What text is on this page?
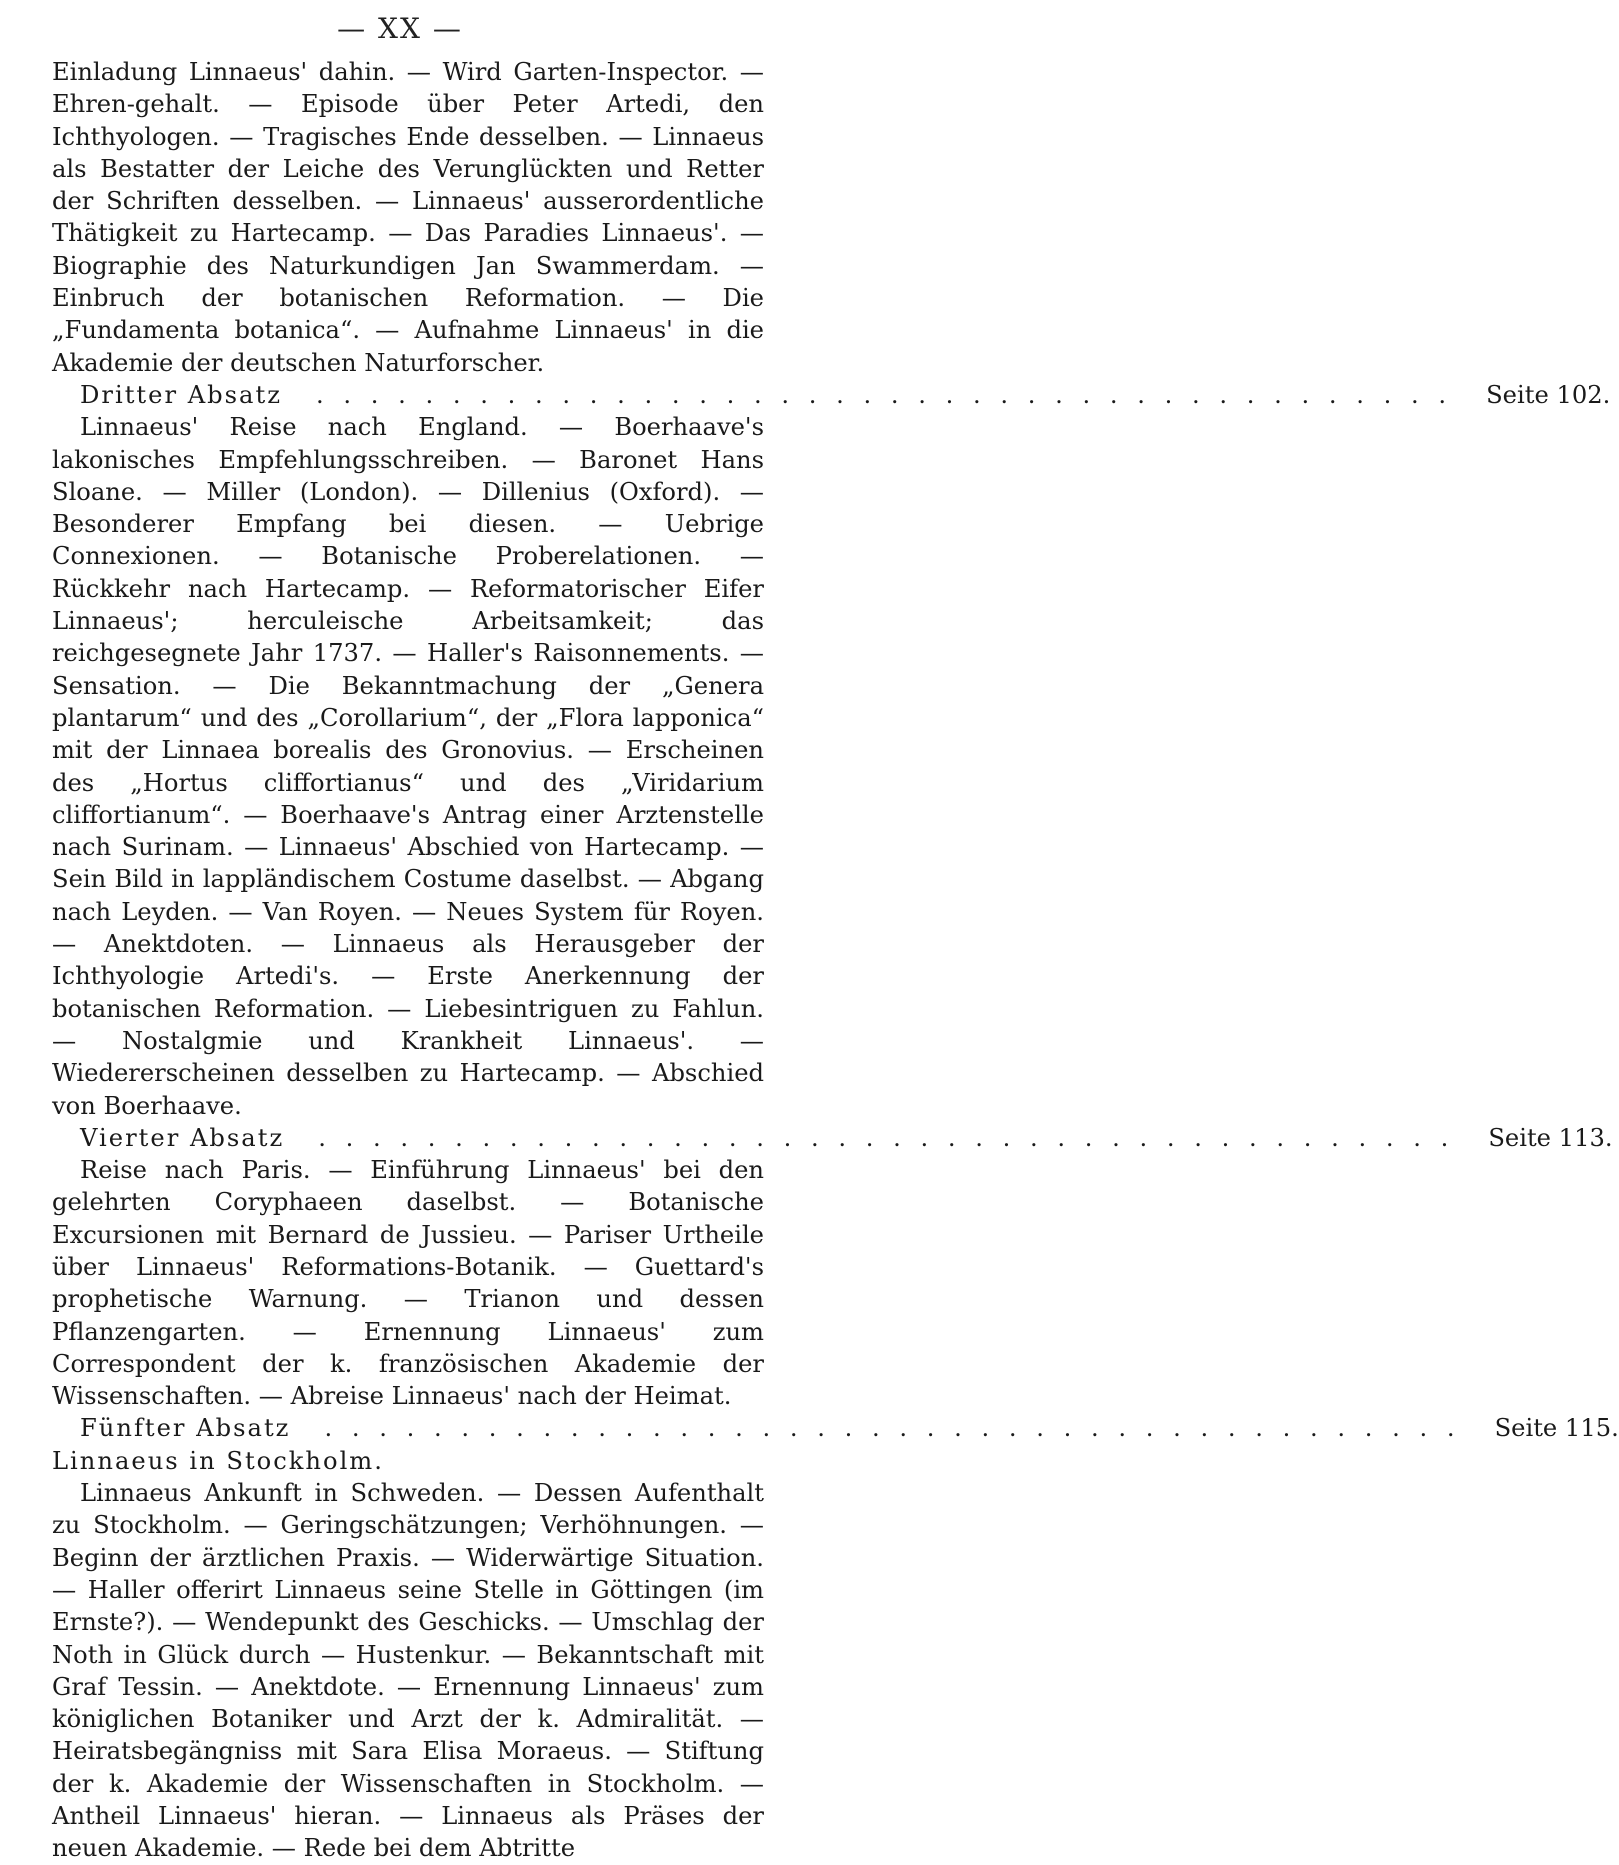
— XX —

Einladung Linnaeus' dahin. — Wird Garten-Inspector. — Ehren-gehalt. — Episode über Peter Artedi, den Ichthyologen. — Tragisches Ende desselben. — Linnaeus als Bestatter der Leiche des Verunglückten und Retter der Schriften desselben. — Linnaeus' ausserordentliche Thätigkeit zu Hartecamp. — Das Paradies Linnaeus'. — Biographie des Naturkundigen Jan Swammerdam. — Einbruch der botanischen Reformation. — Die „Fundamenta botanica“. — Aufnahme Linnaeus' in die Akademie der deutschen Naturforscher.

Dritter Absatz	. . . . . . . . . . . . . . . . . . . . . . . . . . . . . . . . . . . . . . . . . .	Seite 102.

Linnaeus' Reise nach England. — Boerhaave's lakonisches Empfehlungsschreiben. — Baronet Hans Sloane. — Miller (London). — Dillenius (Oxford). — Besonderer Empfang bei diesen. — Uebrige Connexionen. — Botanische Proberelationen. — Rückkehr nach Hartecamp. — Reformatorischer Eifer Linnaeus'; herculeische Arbeitsamkeit; das reichgesegnete Jahr 1737. — Haller's Raisonnements. — Sensation. — Die Bekanntmachung der „Genera plantarum“ und des „Corollarium“, der „Flora lapponica“ mit der Linnaea borealis des Gronovius. — Erscheinen des „Hortus cliffortianus“ und des „Viridarium cliffortianum“. — Boerhaave's Antrag einer Arztenstelle nach Surinam. — Linnaeus' Abschied von Hartecamp. — Sein Bild in lappländischem Costume daselbst. — Abgang nach Leyden. — Van Royen. — Neues System für Royen. — Anektdoten. — Linnaeus als Herausgeber der Ichthyologie Artedi's. — Erste Anerkennung der botanischen Reformation. — Liebesintriguen zu Fahlun. — Nostalgmie und Krankheit Linnaeus'. — Wiedererscheinen desselben zu Hartecamp. — Abschied von Boerhaave.

Vierter Absatz	. . . . . . . . . . . . . . . . . . . . . . . . . . . . . . . . . . . . . . . . . .	Seite 113.

Reise nach Paris. — Einführung Linnaeus' bei den gelehrten Coryphaeen daselbst. — Botanische Excursionen mit Bernard de Jussieu. — Pariser Urtheile über Linnaeus' Reformations-Botanik. — Guettard's prophetische Warnung. — Trianon und dessen Pflanzengarten. — Ernennung Linnaeus' zum Correspondent der k. französischen Akademie der Wissenschaften. — Abreise Linnaeus' nach der Heimat.

Fünfter Absatz	. . . . . . . . . . . . . . . . . . . . . . . . . . . . . . . . . . . . . . . . . .	Seite 115.

Linnaeus in Stockholm.

Linnaeus Ankunft in Schweden. — Dessen Aufenthalt zu Stockholm. — Geringschätzungen; Verhöhnungen. — Beginn der ärztlichen Praxis. — Widerwärtige Situation. — Haller offerirt Linnaeus seine Stelle in Göttingen (im Ernste?). — Wendepunkt des Geschicks. — Umschlag der Noth in Glück durch — Hustenkur. — Bekanntschaft mit Graf Tessin. — Anektdote. — Ernennung Linnaeus' zum königlichen Botaniker und Arzt der k. Admiralität. — Heiratsbegängniss mit Sara Elisa Moraeus. — Stiftung der k. Akademie der Wissenschaften in Stockholm. — Antheil Linnaeus' hieran. — Linnaeus als Präses der neuen Akademie. — Rede bei dem Abtritte
